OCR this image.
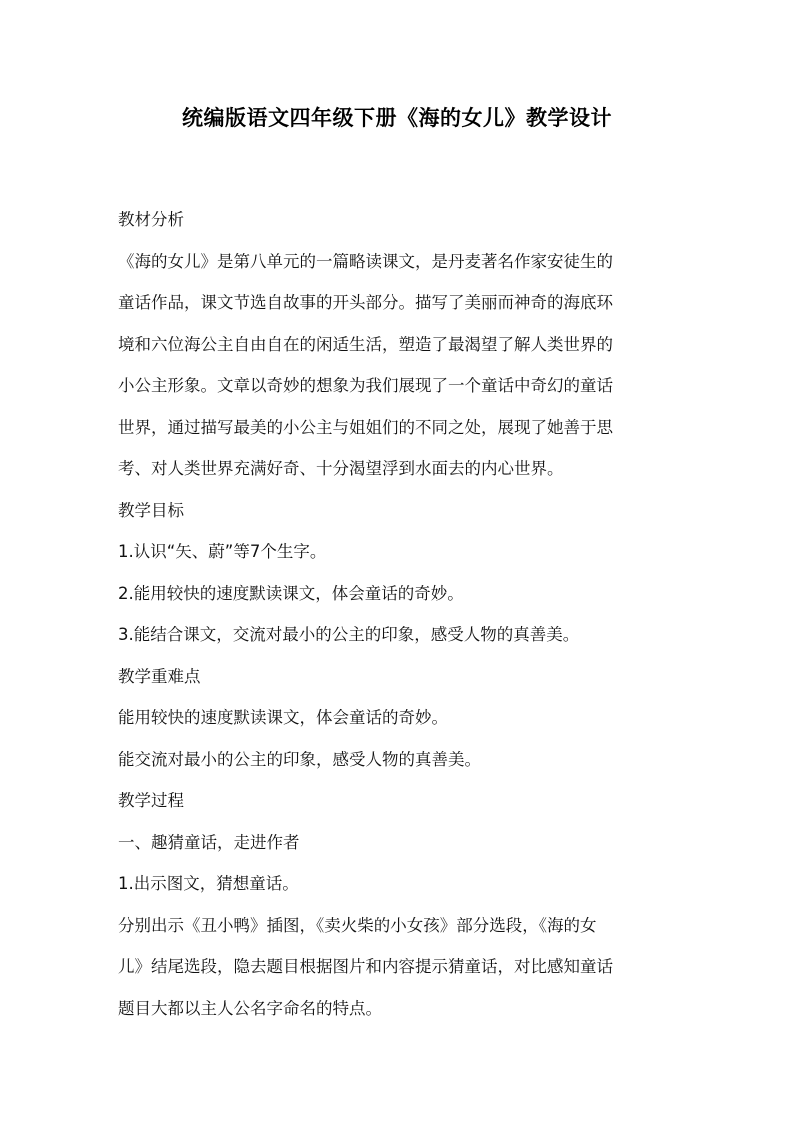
统编版语文四年级下册《海的女儿》教学设计
教材分析
《海的女儿》是第八单元的一篇略读课文，是丹麦著名作家安徒生的
童话作品，课文节选自故事的开头部分。描写了美丽而神奇的海底环
境和六位海公主自由自在的闲适生活，塑造了最渴望了解人类世界的
小公主形象。文章以奇妙的想象为我们展现了一个童话中奇幻的童话
世界，通过描写最美的小公主与姐姐们的不同之处，展现了她善于思
考、对人类世界充满好奇、十分渴望浮到水面去的内心世界。
教学目标
1.认识“矢、蔚”等7个生字。
2.能用较快的速度默读课文，体会童话的奇妙。
3.能结合课文，交流对最小的公主的印象，感受人物的真善美。
教学重难点
能用较快的速度默读课文，体会童话的奇妙。
能交流对最小的公主的印象，感受人物的真善美。
教学过程
一、趣猜童话，走进作者
1.出示图文，猜想童话。
分别出示《丑小鸭》插图，《卖火柴的小女孩》部分选段，《海的女
儿》结尾选段，隐去题目根据图片和内容提示猜童话，对比感知童话
题目大都以主人公名字命名的特点。
